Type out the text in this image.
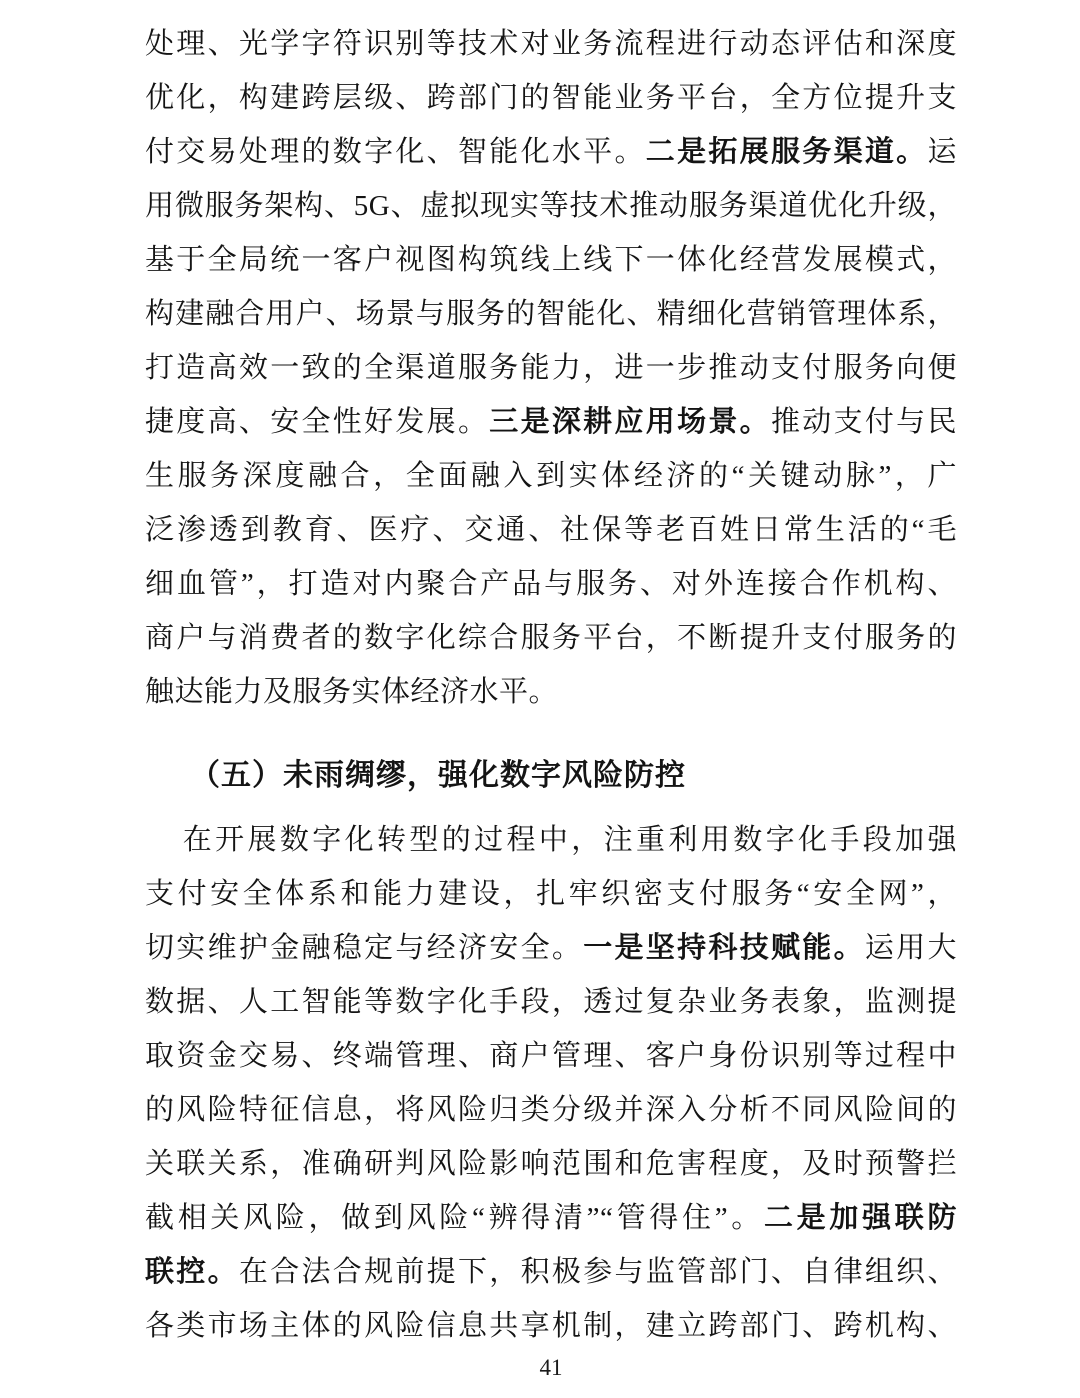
处理、光学字符识别等技术对业务流程进行动态评估和深度
优化，构建跨层级、跨部门的智能业务平台，全方位提升支
付交易处理的数字化、智能化水平。二是拓展服务渠道。运
用微服务架构、5G、虚拟现实等技术推动服务渠道优化升级，
基于全局统一客户视图构筑线上线下一体化经营发展模式，
构建融合用户、场景与服务的智能化、精细化营销管理体系，
打造高效一致的全渠道服务能力，进一步推动支付服务向便
捷度高、安全性好发展。三是深耕应用场景。推动支付与民
生服务深度融合，全面融入到实体经济的“关键动脉”，广
泛渗透到教育、医疗、交通、社保等老百姓日常生活的“毛
细血管”，打造对内聚合产品与服务、对外连接合作机构、
商户与消费者的数字化综合服务平台，不断提升支付服务的
触达能力及服务实体经济水平。
（五）未雨绸缪，强化数字风险防控
在开展数字化转型的过程中，注重利用数字化手段加强
支付安全体系和能力建设，扎牢织密支付服务“安全网”，
切实维护金融稳定与经济安全。一是坚持科技赋能。运用大
数据、人工智能等数字化手段，透过复杂业务表象，监测提
取资金交易、终端管理、商户管理、客户身份识别等过程中
的风险特征信息，将风险归类分级并深入分析不同风险间的
关联关系，准确研判风险影响范围和危害程度，及时预警拦
截相关风险，做到风险“辨得清”“管得住”。二是加强联防
联控。在合法合规前提下，积极参与监管部门、自律组织、
各类市场主体的风险信息共享机制，建立跨部门、跨机构、
41
